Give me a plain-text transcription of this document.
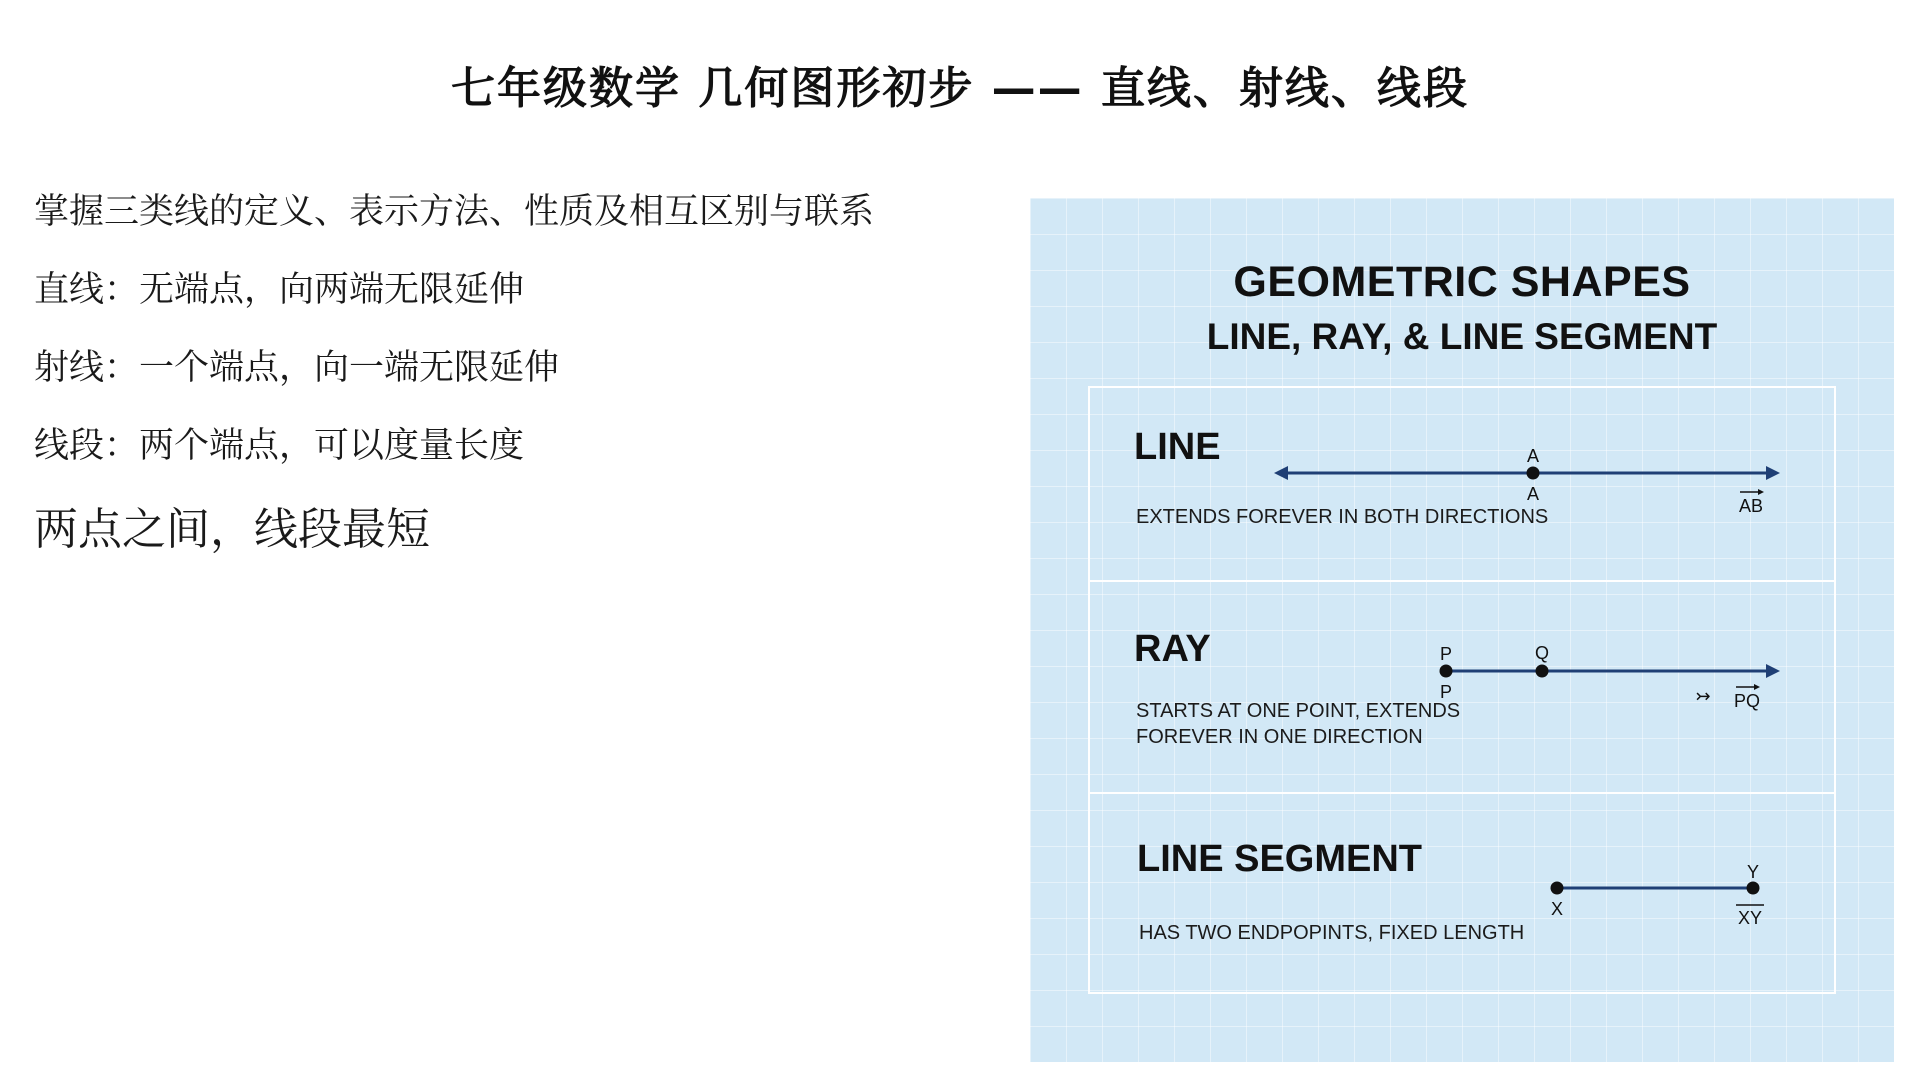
七年级数学 几何图形初步 —— 直线、射线、线段
掌握三类线的定义、表示方法、性质及相互区别与联系
直线：无端点，向两端无限延伸
射线：一个端点，向一端无限延伸
线段：两个端点，可以度量长度
两点之间，线段最短
GEOMETRIC SHAPES
LINE, RAY, & LINE SEGMENT
LINE
EXTENDS FOREVER IN BOTH DIRECTIONS
RAY
STARTS AT ONE POINT, EXTENDS
FOREVER IN ONE DIRECTION
LINE SEGMENT
HAS TWO ENDPOPINTS, FIXED LENGTH
A
A
AB
P
P
Q
↣ PQ
X
Y
XY
